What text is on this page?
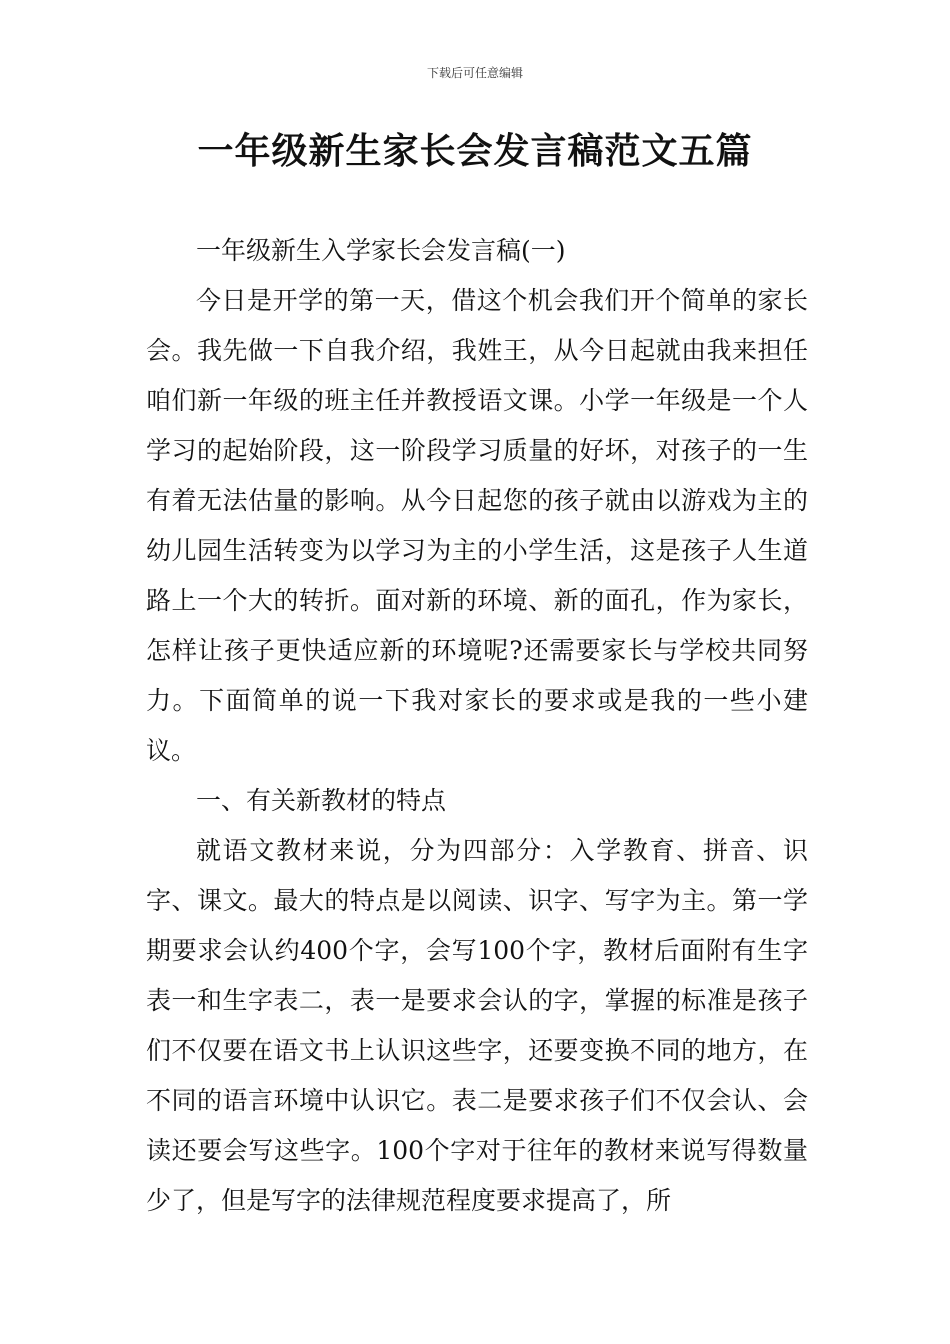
下载后可任意编辑
一年级新生家长会发言稿范文五篇

一年级新生入学家长会发言稿(一)

今日是开学的第一天，借这个机会我们开个简单的家长会。我先做一下自我介绍，我姓王，从今日起就由我来担任咱们新一年级的班主任并教授语文课。小学一年级是一个人学习的起始阶段，这一阶段学习质量的好坏，对孩子的一生有着无法估量的影响。从今日起您的孩子就由以游戏为主的幼儿园生活转变为以学习为主的小学生活，这是孩子人生道路上一个大的转折。面对新的环境、新的面孔，作为家长，怎样让孩子更快适应新的环境呢?还需要家长与学校共同努力。下面简单的说一下我对家长的要求或是我的一些小建议。

一、有关新教材的特点

就语文教材来说，分为四部分：入学教育、拼音、识字、课文。最大的特点是以阅读、识字、写字为主。第一学期要求会认约400个字，会写100个字，教材后面附有生字表一和生字表二，表一是要求会认的字，掌握的标准是孩子们不仅要在语文书上认识这些字，还要变换不同的地方，在不同的语言环境中认识它。表二是要求孩子们不仅会认、会读还要会写这些字。100个字对于往年的教材来说写得数量少了，但是写字的法律规范程度要求提高了，所
